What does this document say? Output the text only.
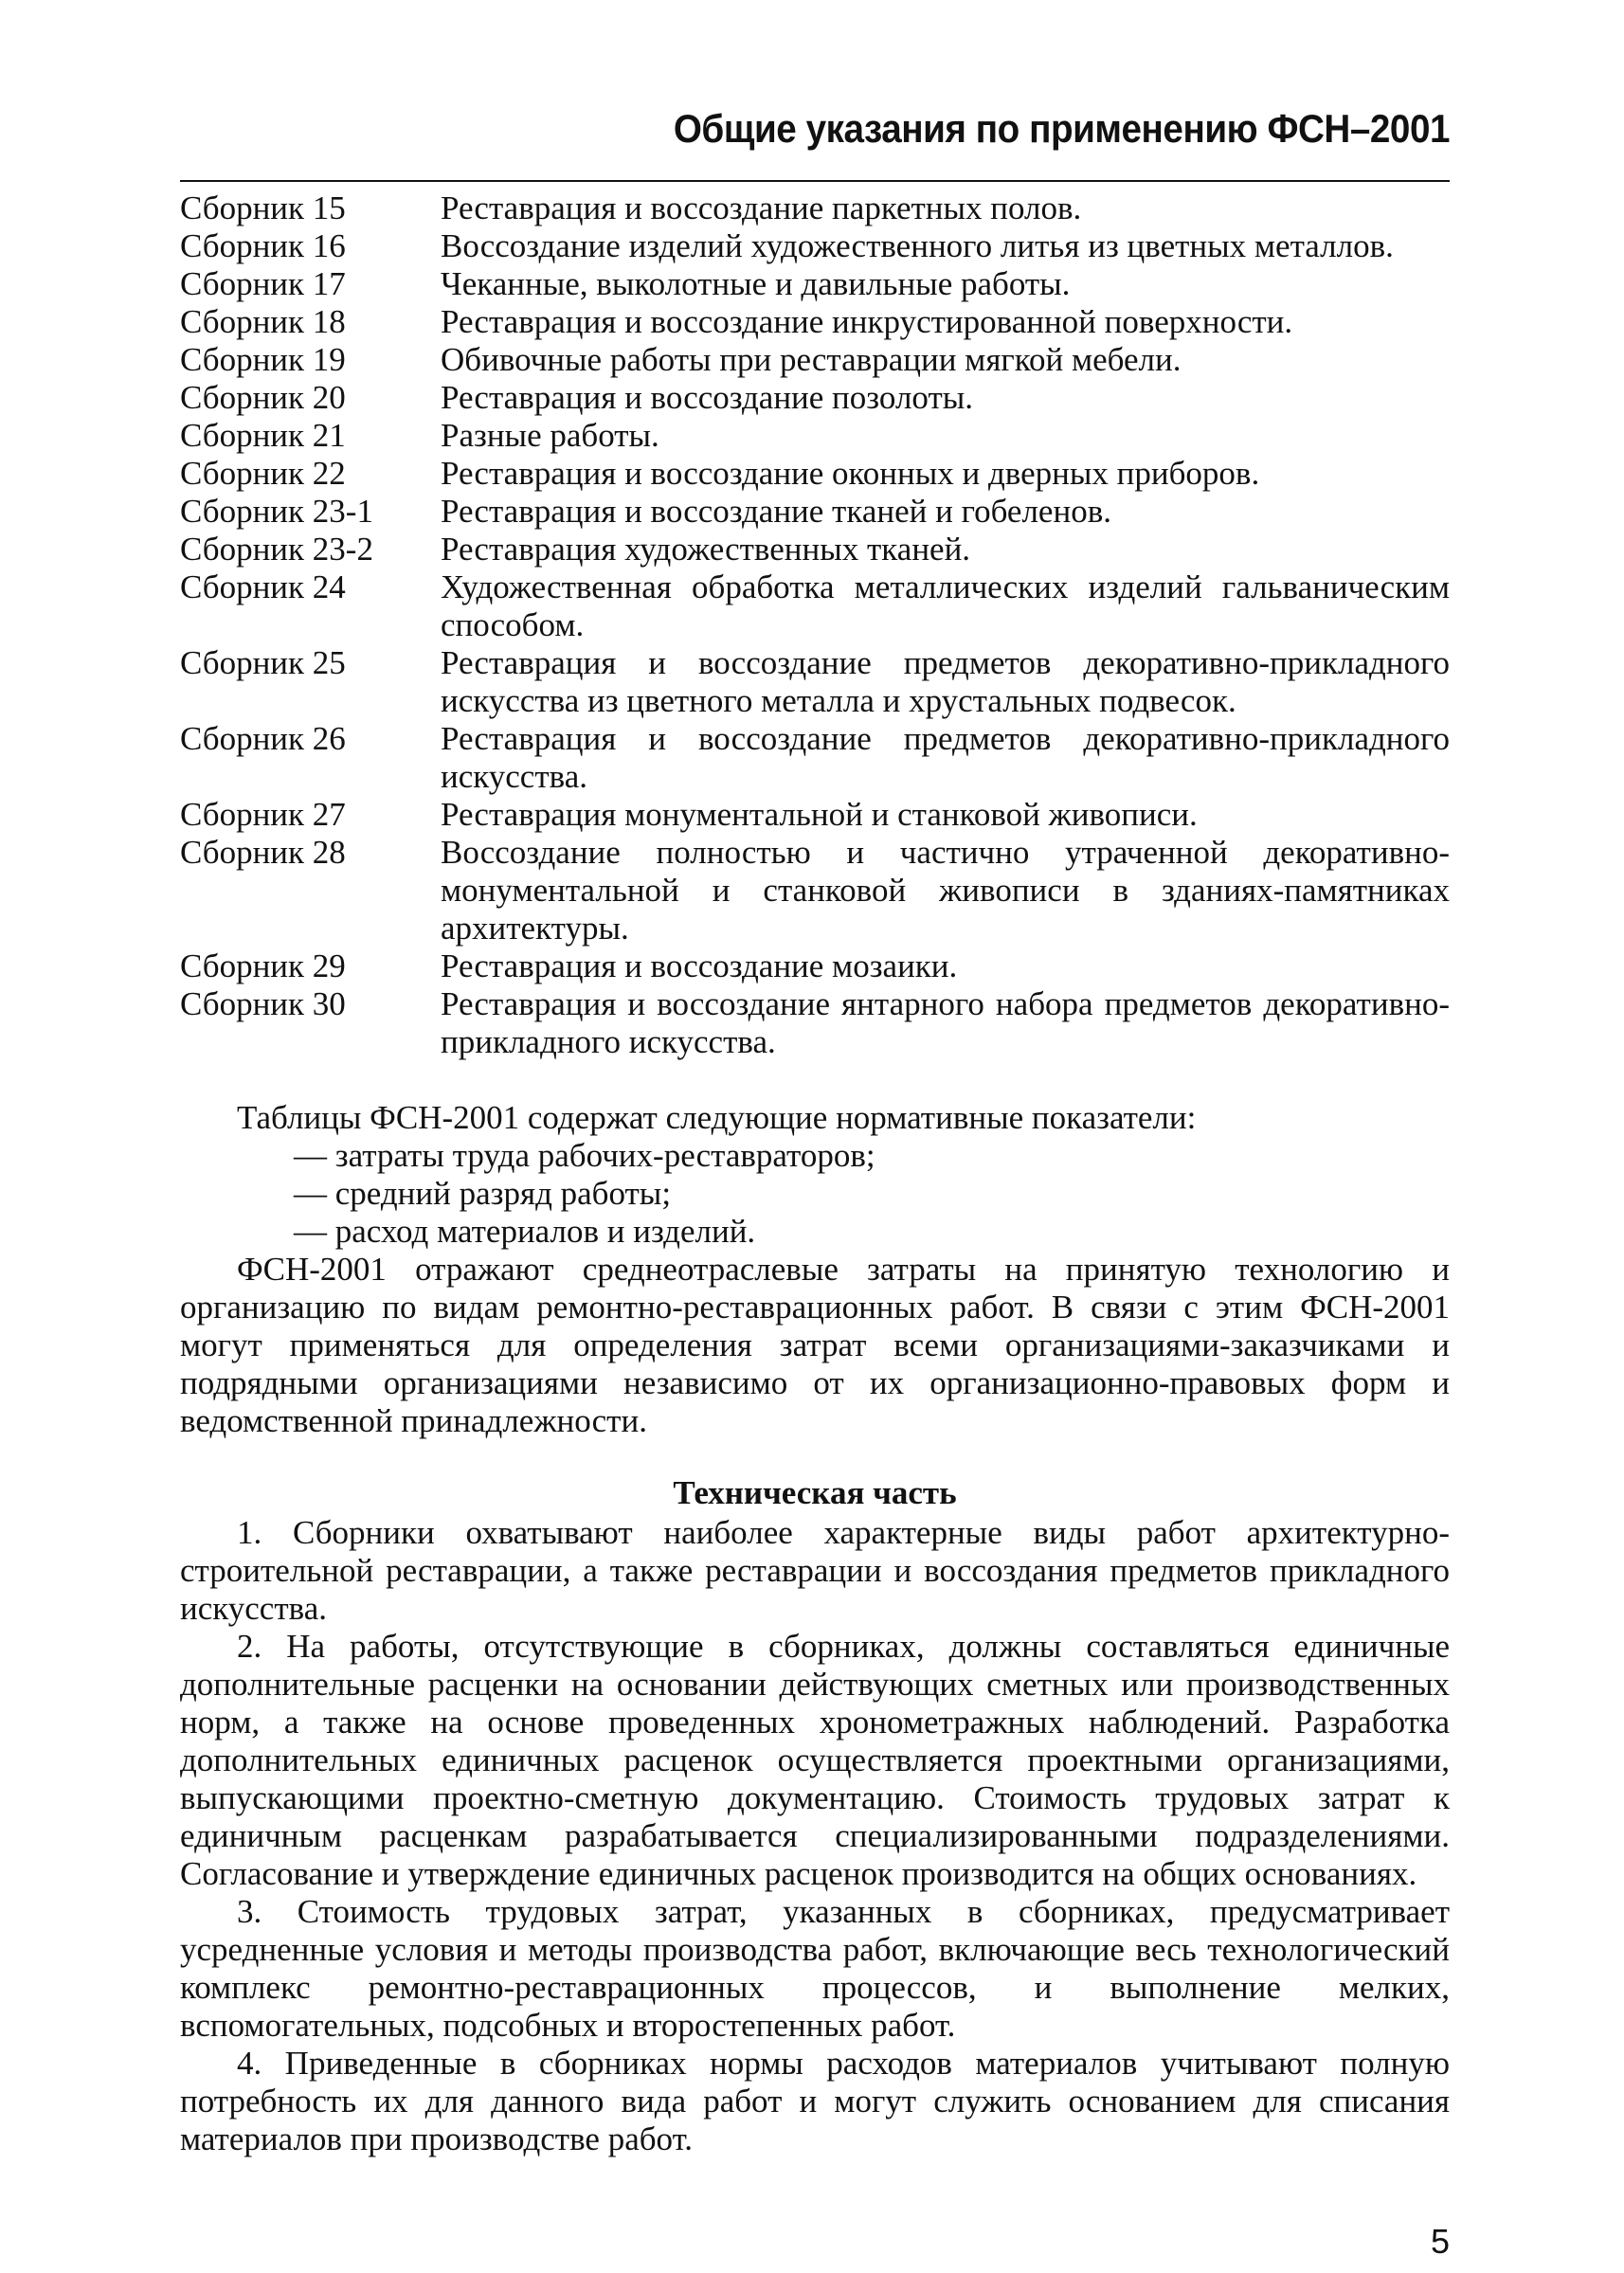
Общие указания по применению ФСН–2001
Сборник 15	Реставрация и воссоздание паркетных полов.
Сборник 16	Воссоздание изделий художественного литья из цветных металлов.
Сборник 17	Чеканные, выколотные и давильные работы.
Сборник 18	Реставрация и воссоздание инкрустированной поверхности.
Сборник 19	Обивочные работы при реставрации мягкой мебели.
Сборник 20	Реставрация и воссоздание позолоты.
Сборник 21	Разные работы.
Сборник 22	Реставрация и воссоздание оконных и дверных приборов.
Сборник 23-1	Реставрация и воссоздание тканей и гобеленов.
Сборник 23-2	Реставрация художественных тканей.
Сборник 24	Художественная обработка металлических изделий гальваническим способом.
Сборник 25	Реставрация и воссоздание предметов декоративно-прикладного искусства из цветного металла и хрустальных подвесок.
Сборник 26	Реставрация и воссоздание предметов декоративно-прикладного искусства.
Сборник 27	Реставрация монументальной и станковой живописи.
Сборник 28	Воссоздание полностью и частично утраченной декоративно-монументальной и станковой живописи в зданиях-памятниках архитектуры.
Сборник 29	Реставрация и воссоздание мозаики.
Сборник 30	Реставрация и воссоздание янтарного набора предметов декоративно-прикладного искусства.

Таблицы ФСН-2001 содержат следующие нормативные показатели:

— затраты труда рабочих-реставраторов;

— средний разряд работы;

— расход материалов и изделий.

ФСН-2001 отражают среднеотраслевые затраты на принятую технологию и организацию по видам ремонтно-реставрационных работ. В связи с этим ФСН-2001 могут применяться для определения затрат всеми организациями-заказчиками и подрядными организациями независимо от их организационно-правовых форм и ведомственной принадлежности.

Техническая часть

1. Сборники охватывают наиболее характерные виды работ архитектурно-строительной реставрации, а также реставрации и воссоздания предметов прикладного искусства.

2. На работы, отсутствующие в сборниках, должны составляться единичные дополнительные расценки на основании действующих сметных или производственных норм, а также на основе проведенных хронометражных наблюдений. Разработка дополнительных единичных расценок осуществляется проектными организациями, выпускающими проектно-сметную документацию. Стоимость трудовых затрат к единичным расценкам разрабатывается специализированными подразделениями. Согласование и утверждение единичных расценок производится на общих основаниях.

3. Стоимость трудовых затрат, указанных в сборниках, предусматривает усредненные условия и методы производства работ, включающие весь технологический комплекс ремонтно-реставрационных процессов, и выполнение мелких, вспомогательных, подсобных и второстепенных работ.

4. Приведенные в сборниках нормы расходов материалов учитывают полную потребность их для данного вида работ и могут служить основанием для списания материалов при производстве работ.

5
